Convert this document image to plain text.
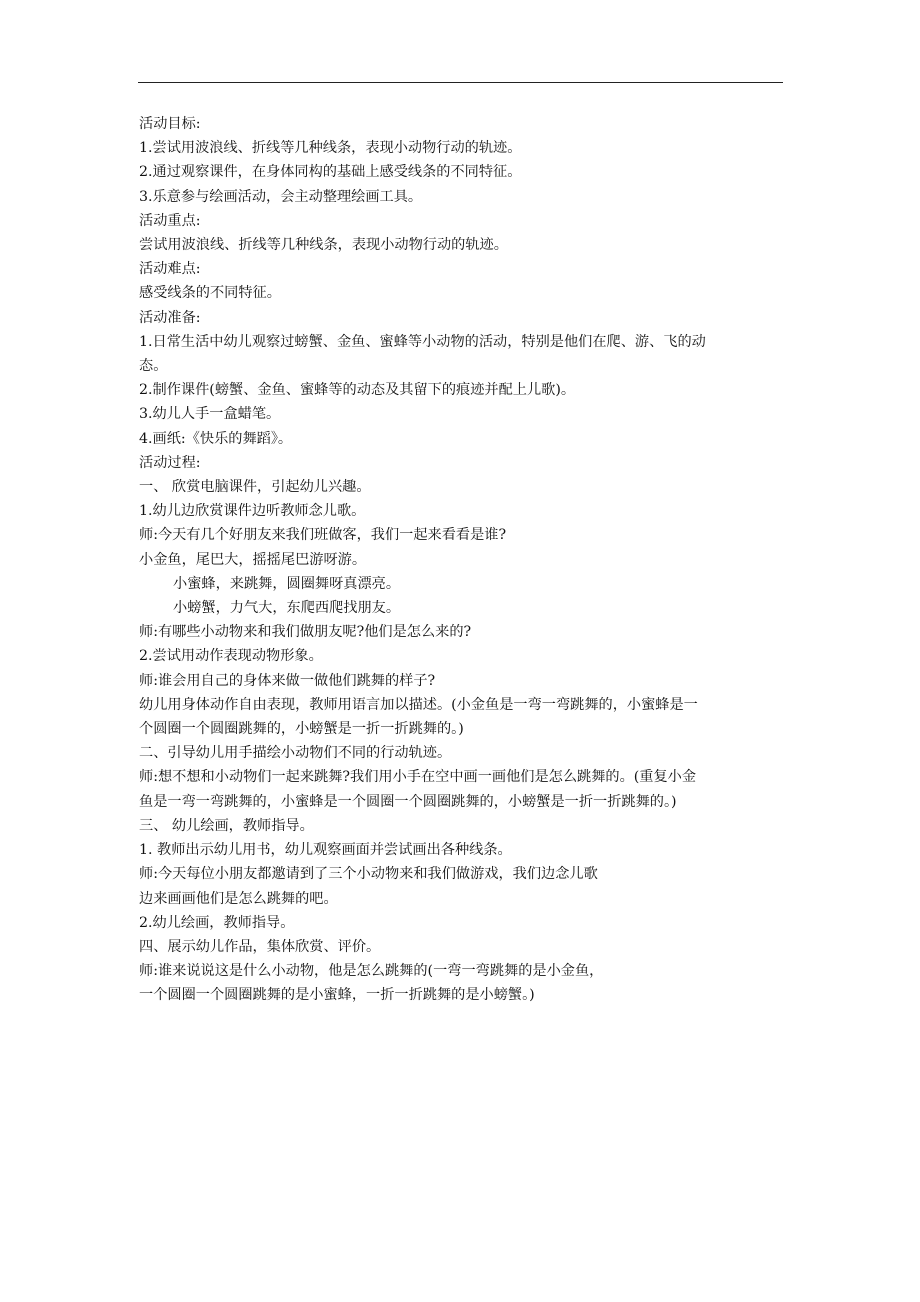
活动目标:
1.尝试用波浪线、折线等几种线条，表现小动物行动的轨迹。
2.通过观察课件，在身体同构的基础上感受线条的不同特征。
3.乐意参与绘画活动，会主动整理绘画工具。
活动重点:
尝试用波浪线、折线等几种线条，表现小动物行动的轨迹。
活动难点:
感受线条的不同特征。
活动准备:
1.日常生活中幼儿观察过螃蟹、金鱼、蜜蜂等小动物的活动，特别是他们在爬、游、飞的动
态。
2.制作课件(螃蟹、金鱼、蜜蜂等的动态及其留下的痕迹并配上儿歌)。
3.幼儿人手一盒蜡笔。
4.画纸:《快乐的舞蹈》。
活动过程:
一、 欣赏电脑课件，引起幼儿兴趣。
1.幼儿边欣赏课件边听教师念儿歌。
师:今天有几个好朋友来我们班做客，我们一起来看看是谁?
小金鱼，尾巴大，摇摇尾巴游呀游。
小蜜蜂，来跳舞，圆圈舞呀真漂亮。
小螃蟹，力气大，东爬西爬找朋友。
师:有哪些小动物来和我们做朋友呢?他们是怎么来的?
2.尝试用动作表现动物形象。
师:谁会用自己的身体来做一做他们跳舞的样子?
幼儿用身体动作自由表现，教师用语言加以描述。(小金鱼是一弯一弯跳舞的，小蜜蜂是一
个圆圈一个圆圈跳舞的，小螃蟹是一折一折跳舞的。)
二、引导幼儿用手描绘小动物们不同的行动轨迹。
师:想不想和小动物们一起来跳舞?我们用小手在空中画一画他们是怎么跳舞的。(重复小金
鱼是一弯一弯跳舞的，小蜜蜂是一个圆圈一个圆圈跳舞的，小螃蟹是一折一折跳舞的。)
三、 幼儿绘画，教师指导。
1. 教师出示幼儿用书，幼儿观察画面并尝试画出各种线条。
师:今天每位小朋友都邀请到了三个小动物来和我们做游戏，我们边念儿歌
边来画画他们是怎么跳舞的吧。
2.幼儿绘画，教师指导。
四、展示幼儿作品，集体欣赏、评价。
师:谁来说说这是什么小动物，他是怎么跳舞的(一弯一弯跳舞的是小金鱼，
一个圆圈一个圆圈跳舞的是小蜜蜂，一折一折跳舞的是小螃蟹。)
